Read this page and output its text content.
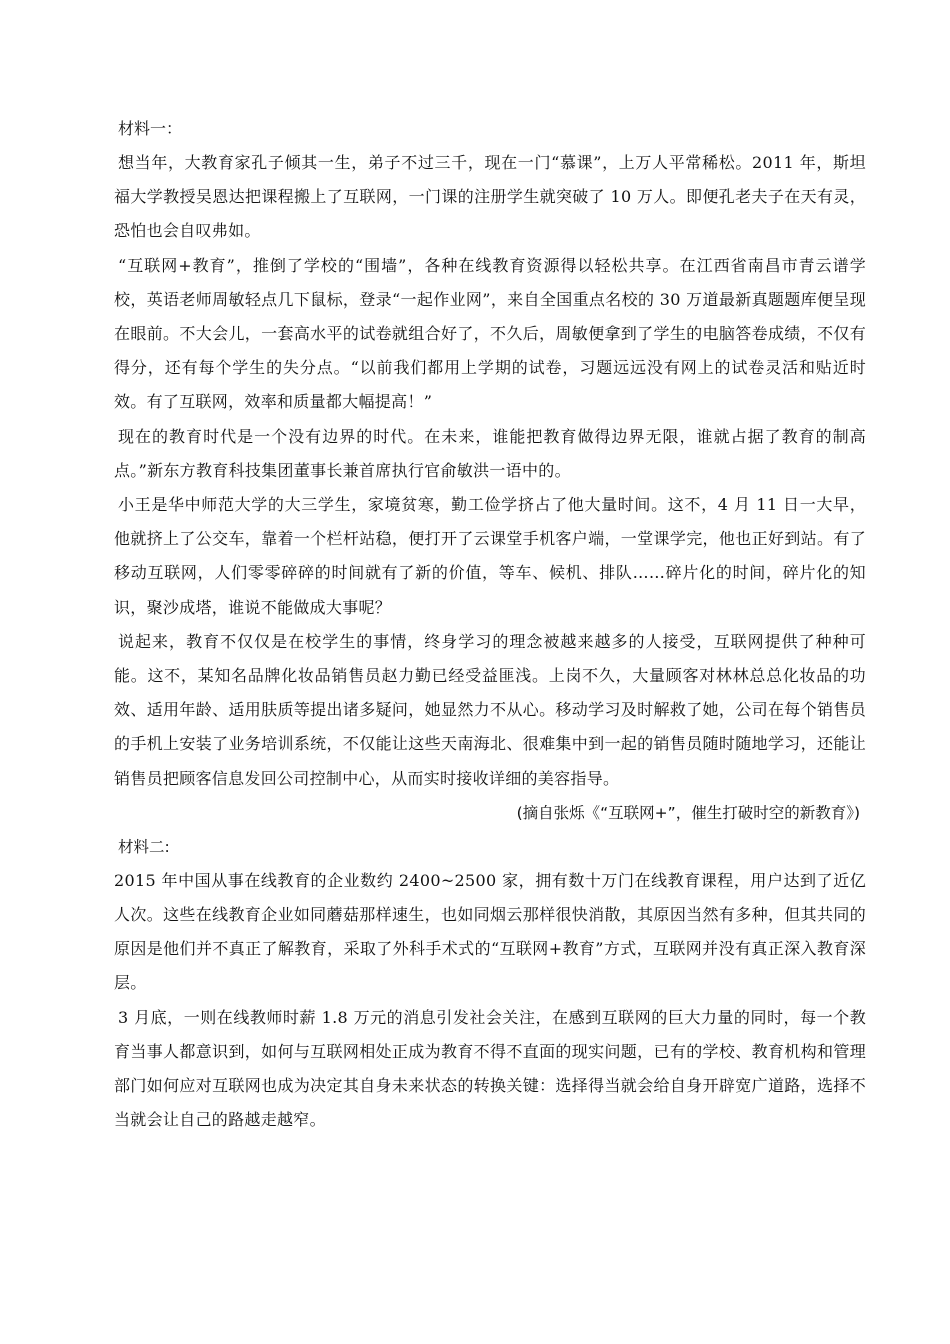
材料一：

想当年，大教育家孔子倾其一生，弟子不过三千，现在一门“慕课”，上万人平常稀松。2011 年，斯坦福大学教授吴恩达把课程搬上了互联网，一门课的注册学生就突破了 10 万人。即便孔老夫子在天有灵，恐怕也会自叹弗如。

“互联网+教育”，推倒了学校的“围墙”，各种在线教育资源得以轻松共享。在江西省南昌市青云谱学校，英语老师周敏轻点几下鼠标，登录“一起作业网”，来自全国重点名校的 30 万道最新真题题库便呈现在眼前。不大会儿，一套高水平的试卷就组合好了，不久后，周敏便拿到了学生的电脑答卷成绩，不仅有得分，还有每个学生的失分点。“以前我们都用上学期的试卷，习题远远没有网上的试卷灵活和贴近时效。有了互联网，效率和质量都大幅提高！”

现在的教育时代是一个没有边界的时代。在未来，谁能把教育做得边界无限，谁就占据了教育的制高点。”新东方教育科技集团董事长兼首席执行官俞敏洪一语中的。

小王是华中师范大学的大三学生，家境贫寒，勤工俭学挤占了他大量时间。这不，4 月 11 日一大早，他就挤上了公交车，靠着一个栏杆站稳，便打开了云课堂手机客户端，一堂课学完，他也正好到站。有了移动互联网，人们零零碎碎的时间就有了新的价值，等车、候机、排队……碎片化的时间，碎片化的知识，聚沙成塔，谁说不能做成大事呢？

说起来，教育不仅仅是在校学生的事情，终身学习的理念被越来越多的人接受，互联网提供了种种可能。这不，某知名品牌化妆品销售员赵力勤已经受益匪浅。上岗不久，大量顾客对林林总总化妆品的功效、适用年龄、适用肤质等提出诸多疑问，她显然力不从心。移动学习及时解救了她，公司在每个销售员的手机上安装了业务培训系统，不仅能让这些天南海北、很难集中到一起的销售员随时随地学习，还能让销售员把顾客信息发回公司控制中心，从而实时接收详细的美容指导。

(摘自张烁《“互联网+”，催生打破时空的新教育》)

材料二:

2015 年中国从事在线教育的企业数约 2400~2500 家，拥有数十万门在线教育课程，用户达到了近亿人次。这些在线教育企业如同蘑菇那样速生，也如同烟云那样很快消散，其原因当然有多种，但其共同的原因是他们并不真正了解教育，采取了外科手术式的“互联网+教育”方式，互联网并没有真正深入教育深层。

3 月底，一则在线教师时薪 1.8 万元的消息引发社会关注，在感到互联网的巨大力量的同时，每一个教育当事人都意识到，如何与互联网相处正成为教育不得不直面的现实问题，已有的学校、教育机构和管理部门如何应对互联网也成为决定其自身未来状态的转换关键：选择得当就会给自身开辟宽广道路，选择不当就会让自己的路越走越窄。
